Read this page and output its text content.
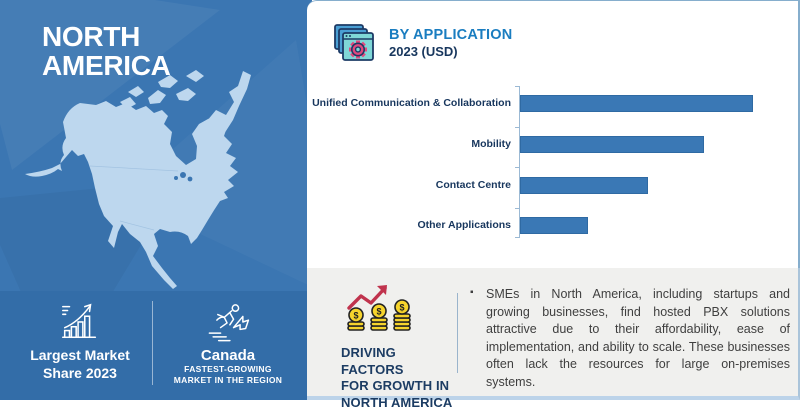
NORTH
AMERICA
Largest Market
Share 2023
Canada
FASTEST-GROWING
MARKET IN THE REGION
BY APPLICATION
2023 (USD)
Unified Communication & Collaboration
Mobility
Contact Centre
Other Applications
$ $ $
DRIVING FACTORS
FOR GROWTH IN
NORTH AMERICA
▪ SMEs in North America, including startups and growing businesses, find hosted PBX solutions attractive due to their affordability, ease of implementation, and ability to scale. These businesses often lack the resources for large on-premises systems.
